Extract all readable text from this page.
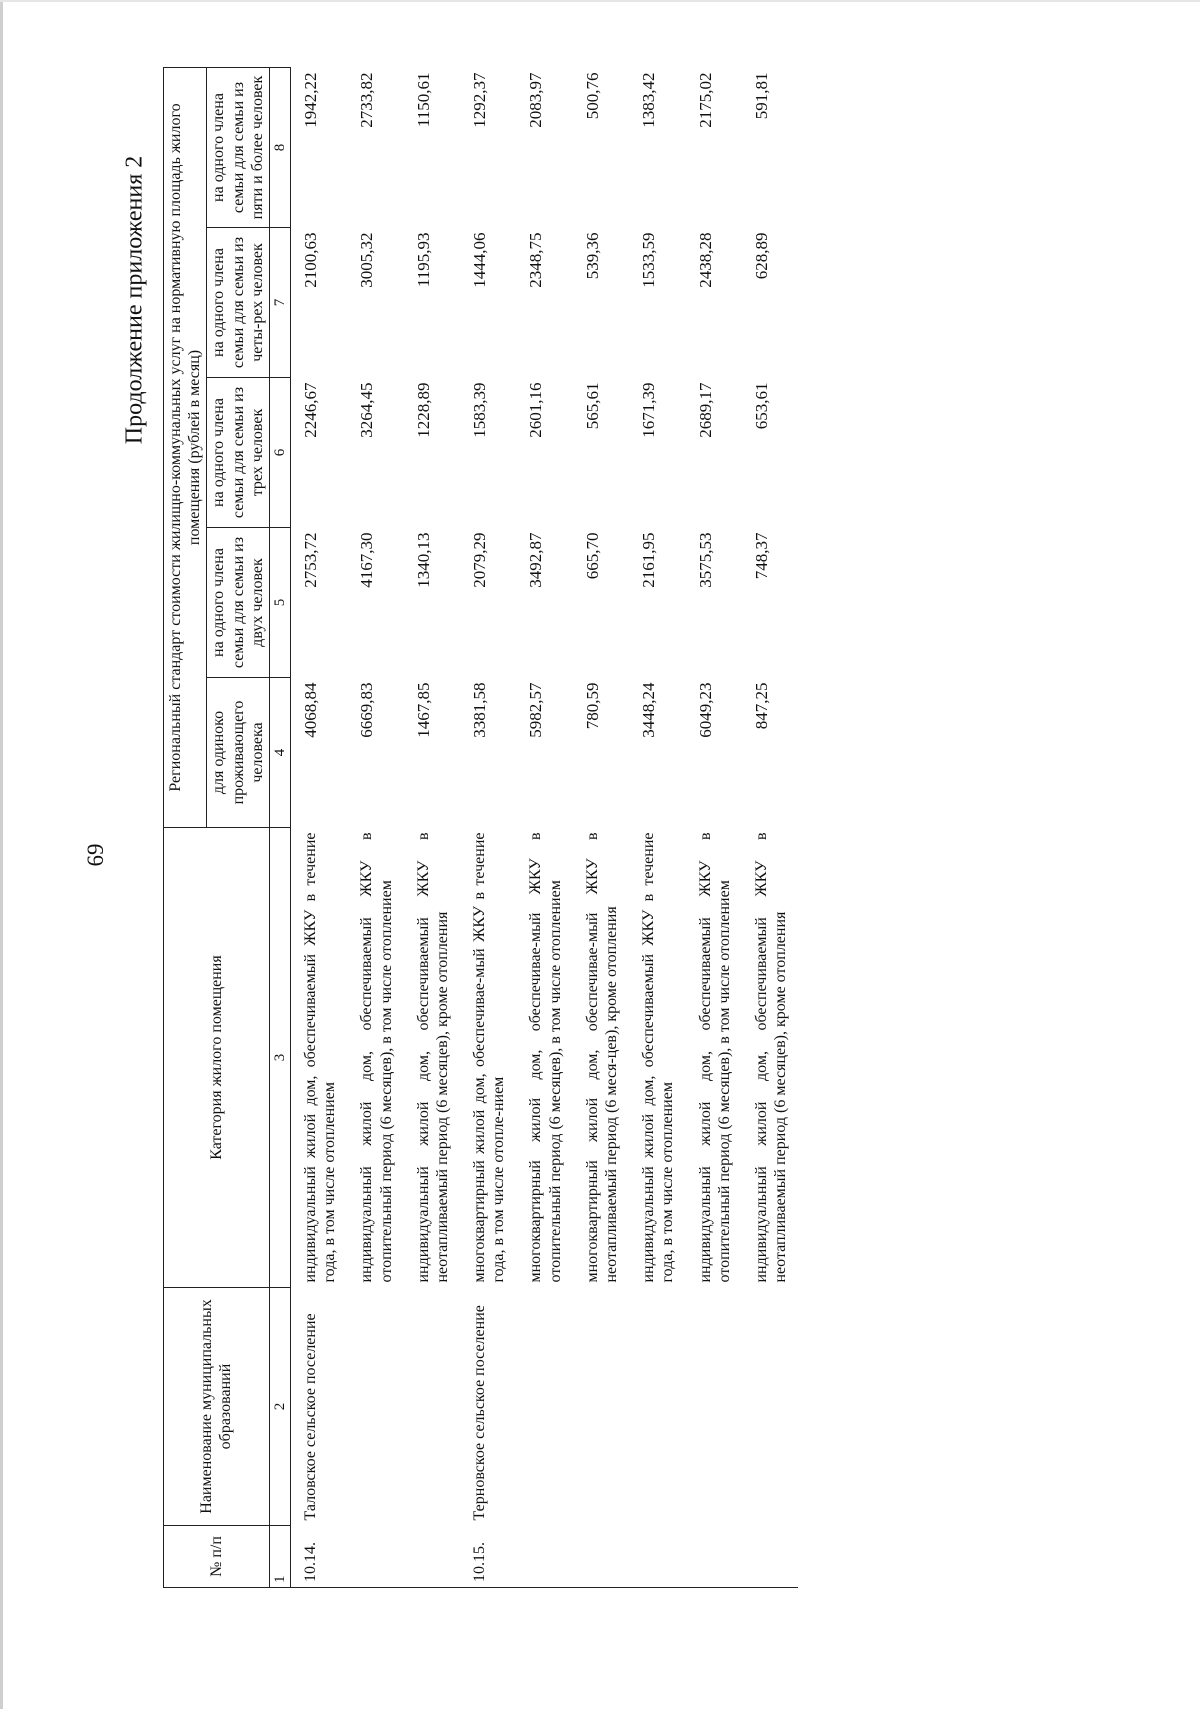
69
Продолжение приложения 2
№ п/п	Наименование муниципальных образований	Категория жилого помещения	Региональный стандарт стоимости жилищно-коммунальных услуг на нормативную площадь жилого помещения (рублей в месяц)				
			для одиноко проживающего человека	на одного члена семьи для семьи из двух человек	на одного члена семьи для семьи из трех человек	на одного члена семьи для семьи из четы-рех человек	на одного члена семьи для семьи из пяти и более человек
1	2	3	4	5	6	7	8
10.14.	Таловское сельское поселение	индивидуальный жилой дом, обеспечиваемый ЖКУ в течение года, в том числе отоплением	4068,84	2753,72	2246,67	2100,63	1942,22
		индивидуальный жилой дом, обеспечиваемый ЖКУ в отопительный период (6 месяцев), в том числе отоплением	6669,83	4167,30	3264,45	3005,32	2733,82
		индивидуальный жилой дом, обеспечиваемый ЖКУ в неотапливаемый период (6 месяцев), кроме отопления	1467,85	1340,13	1228,89	1195,93	1150,61
10.15.	Терновское сельское поселение	многоквартирный жилой дом, обеспечивае-мый ЖКУ в течение года, в том числе отопле-нием	3381,58	2079,29	1583,39	1444,06	1292,37
		многоквартирный жилой дом, обеспечивае-мый ЖКУ в отопительный период (6 месяцев), в том числе отоплением	5982,57	3492,87	2601,16	2348,75	2083,97
		многоквартирный жилой дом, обеспечивае-мый ЖКУ в неотапливаемый период (6 меся-цев), кроме отопления	780,59	665,70	565,61	539,36	500,76
		индивидуальный жилой дом, обеспечиваемый ЖКУ в течение года, в том числе отоплением	3448,24	2161,95	1671,39	1533,59	1383,42
		индивидуальный жилой дом, обеспечиваемый ЖКУ в отопительный период (6 месяцев), в том числе отоплением	6049,23	3575,53	2689,17	2438,28	2175,02
		индивидуальный жилой дом, обеспечиваемый ЖКУ в неотапливаемый период (6 месяцев), кроме отопления	847,25	748,37	653,61	628,89	591,81
